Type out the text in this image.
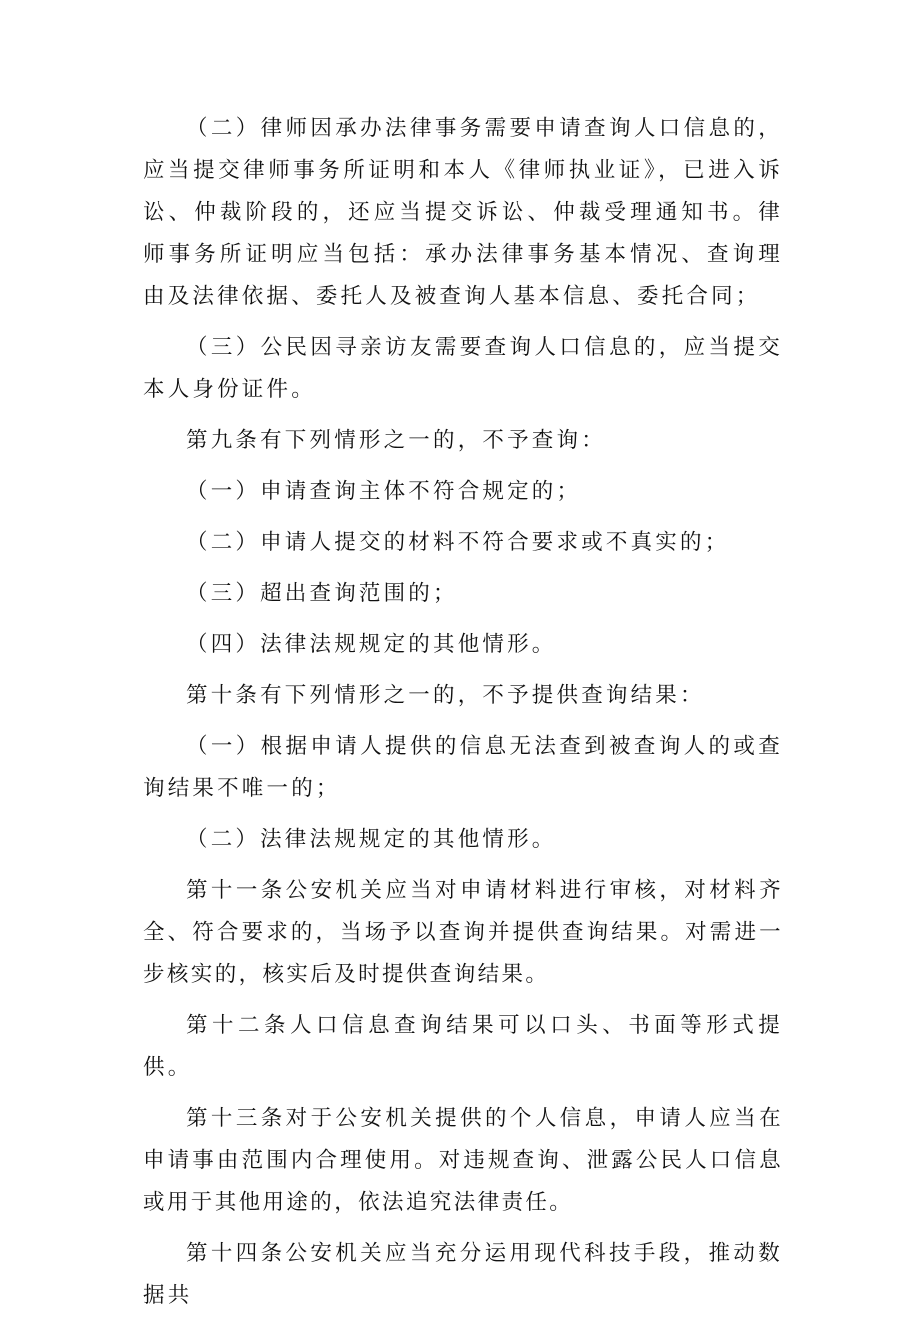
（二）律师因承办法律事务需要申请查询人口信息的，应当提交律师事务所证明和本人《律师执业证》，已进入诉讼、仲裁阶段的，还应当提交诉讼、仲裁受理通知书。律师事务所证明应当包括：承办法律事务基本情况、查询理由及法律依据、委托人及被查询人基本信息、委托合同；

（三）公民因寻亲访友需要查询人口信息的，应当提交本人身份证件。

第九条有下列情形之一的，不予查询：

（一）申请查询主体不符合规定的；

（二）申请人提交的材料不符合要求或不真实的；

（三）超出查询范围的；

（四）法律法规规定的其他情形。

第十条有下列情形之一的，不予提供查询结果：

（一）根据申请人提供的信息无法查到被查询人的或查询结果不唯一的；

（二）法律法规规定的其他情形。

第十一条公安机关应当对申请材料进行审核，对材料齐全、符合要求的，当场予以查询并提供查询结果。对需进一步核实的，核实后及时提供查询结果。

第十二条人口信息查询结果可以口头、书面等形式提供。

第十三条对于公安机关提供的个人信息，申请人应当在申请事由范围内合理使用。对违规查询、泄露公民人口信息或用于其他用途的，依法追究法律责任。

第十四条公安机关应当充分运用现代科技手段，推动数据共
